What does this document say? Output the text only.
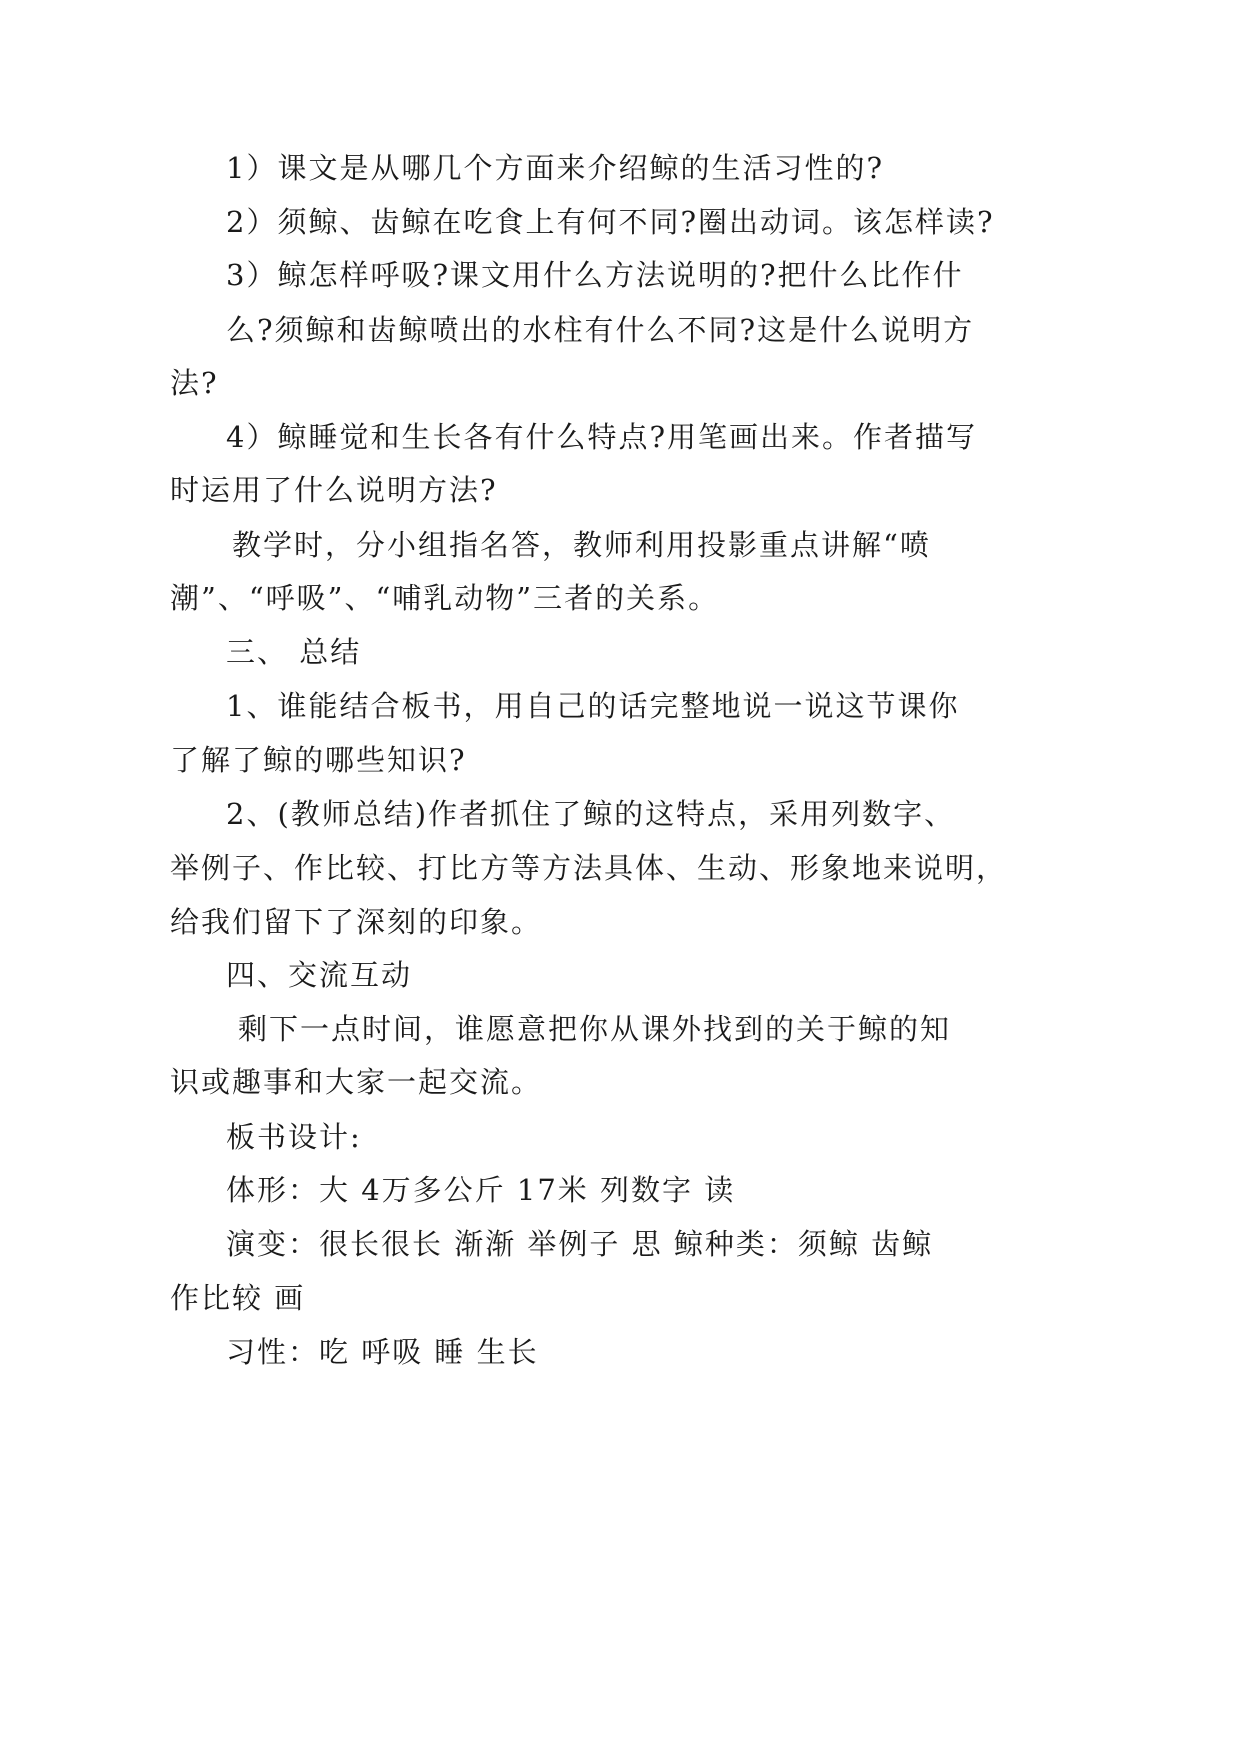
1）课文是从哪几个方面来介绍鲸的生活习性的?
2）须鲸、齿鲸在吃食上有何不同?圈出动词。该怎样读?
3）鲸怎样呼吸?课文用什么方法说明的?把什么比作什
么?须鲸和齿鲸喷出的水柱有什么不同?这是什么说明方
法?
4）鲸睡觉和生长各有什么特点?用笔画出来。作者描写
时运用了什么说明方法?
教学时，分小组指名答，教师利用投影重点讲解“喷
潮”、“呼吸”、“哺乳动物”三者的关系。
三、 总结
1、谁能结合板书，用自己的话完整地说一说这节课你
了解了鲸的哪些知识?
2、(教师总结)作者抓住了鲸的这特点，采用列数字、
举例子、作比较、打比方等方法具体、生动、形象地来说明，
给我们留下了深刻的印象。
四、交流互动
剩下一点时间，谁愿意把你从课外找到的关于鲸的知
识或趣事和大家一起交流。
板书设计:
体形：大 4万多公斤 17米 列数字 读
演变：很长很长 渐渐 举例子 思 鲸种类：须鲸 齿鲸
作比较 画
习性：吃 呼吸 睡 生长
